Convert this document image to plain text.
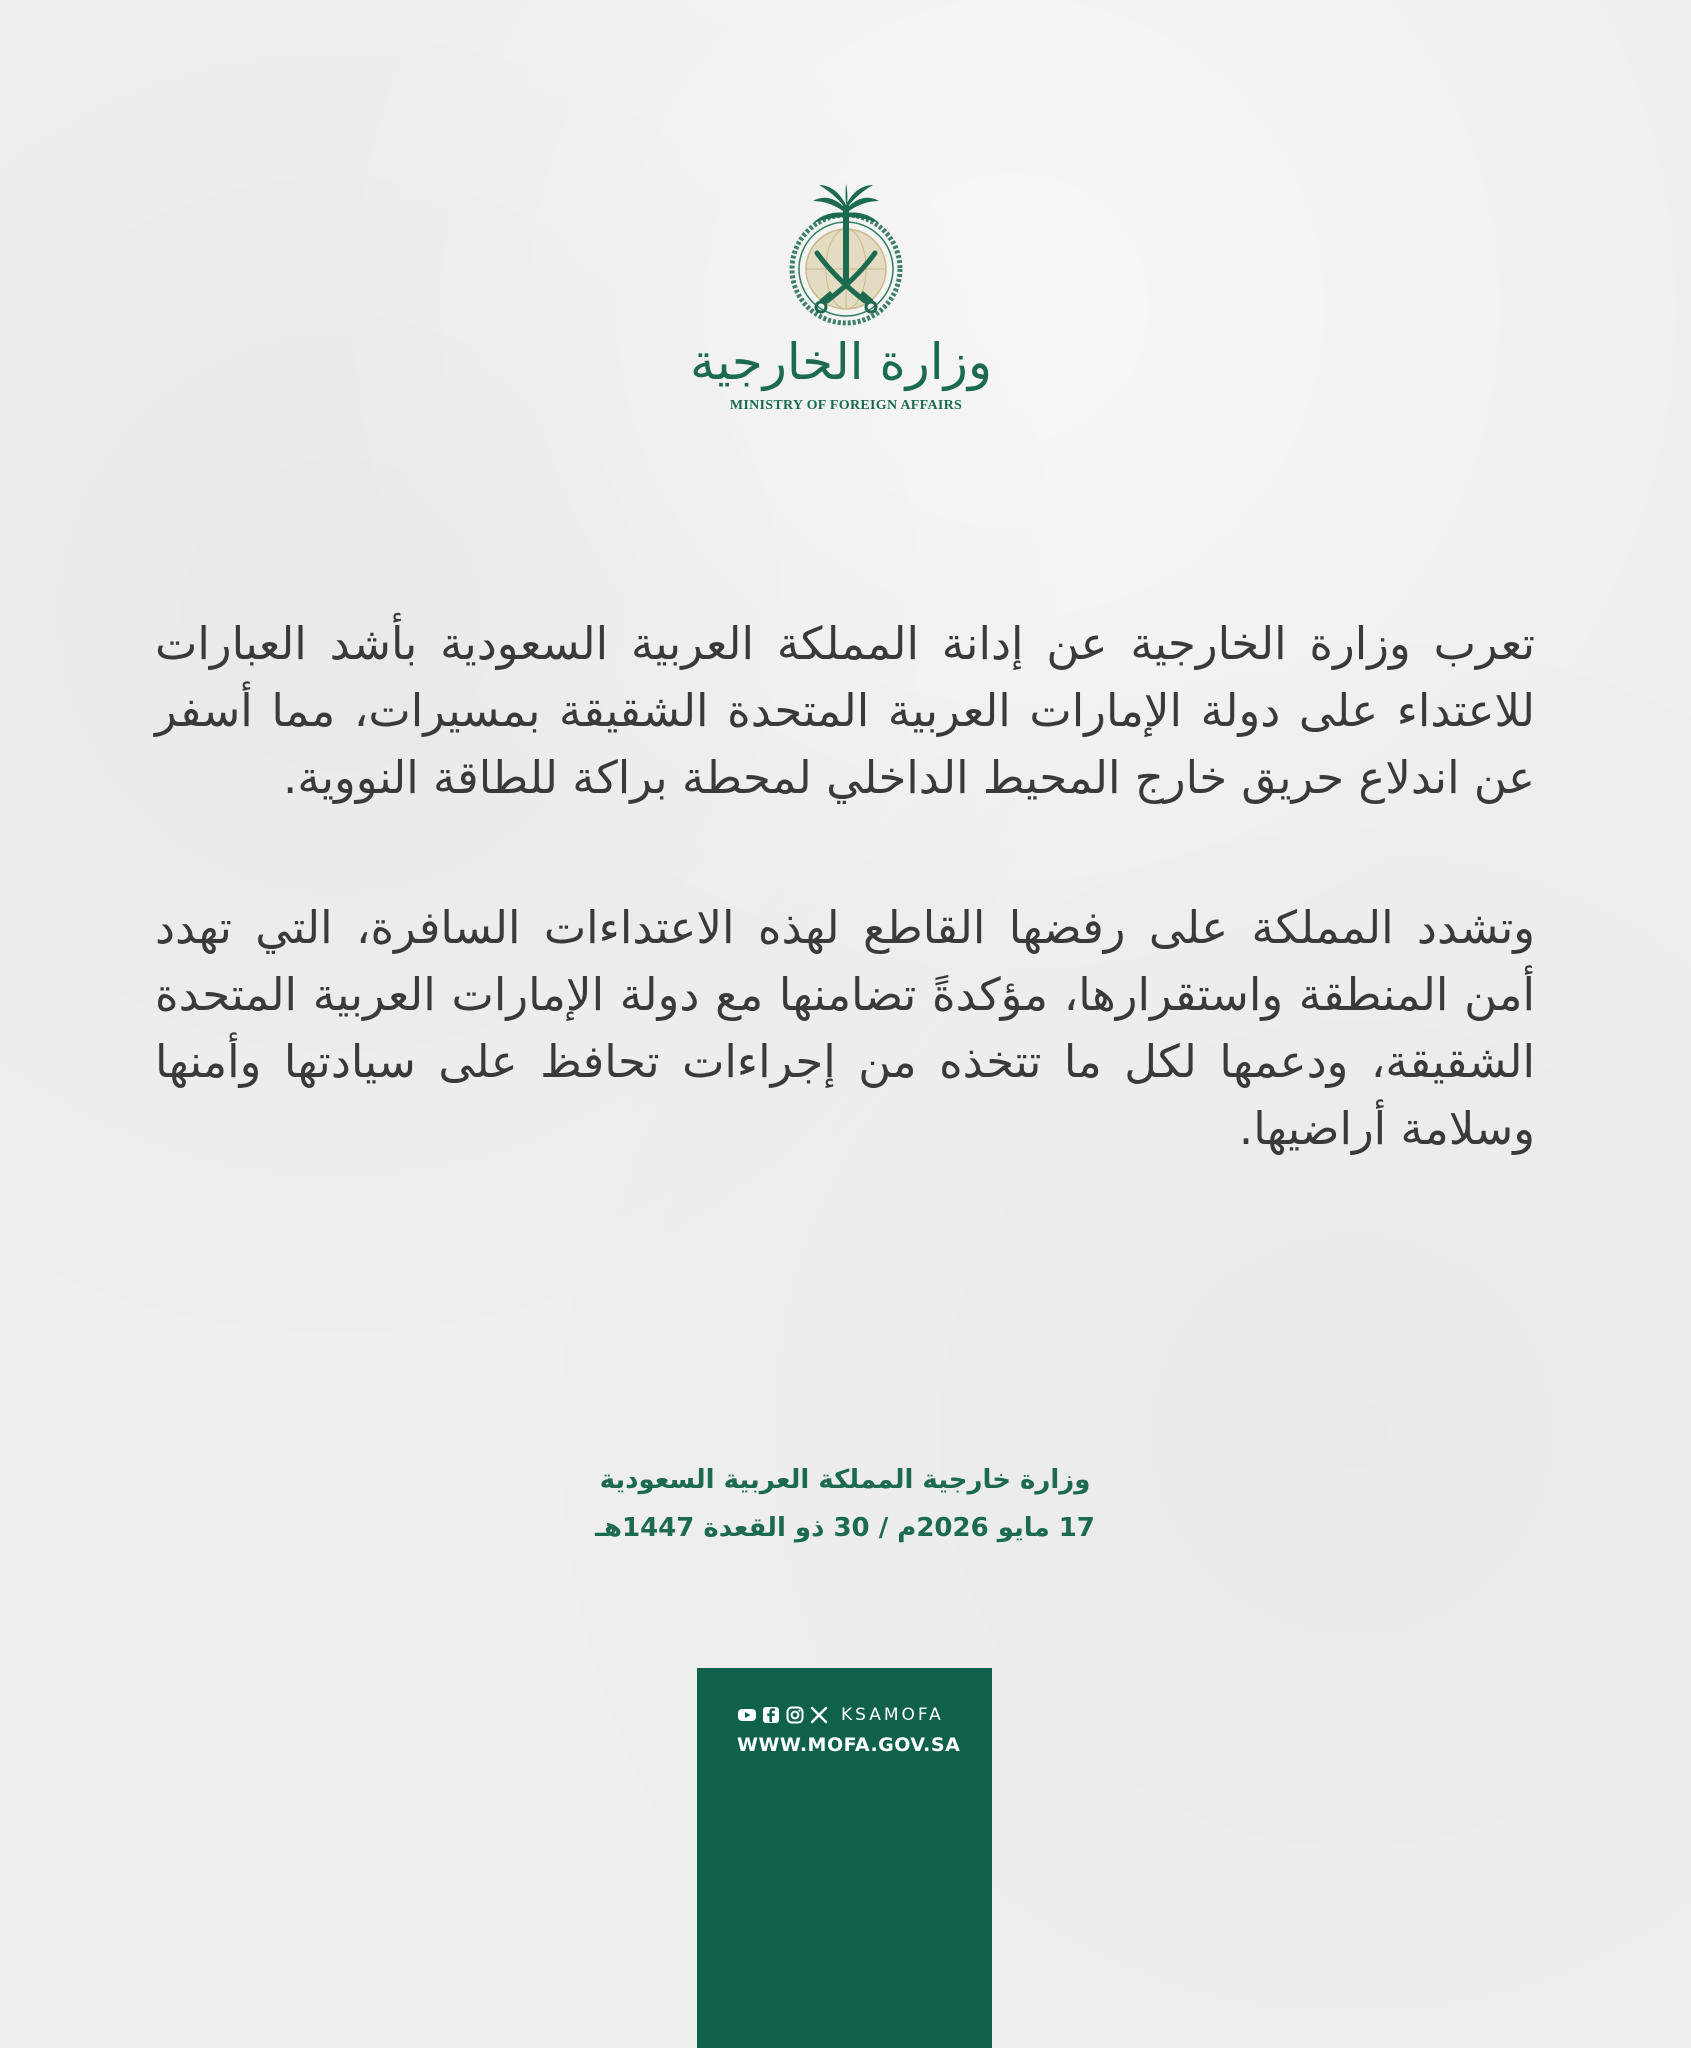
وزارة الخارجية
MINISTRY OF FOREIGN AFFAIRS

تعرب وزارة الخارجية عن إدانة المملكة العربية السعودية بأشد العبارات للاعتداء على دولة الإمارات العربية المتحدة الشقيقة بمسيرات، مما أسفر عن اندلاع حريق خارج المحيط الداخلي لمحطة براكة للطاقة النووية.

وتشدد المملكة على رفضها القاطع لهذه الاعتداءات السافرة، التي تهدد أمن المنطقة واستقرارها، مؤكدةً تضامنها مع دولة الإمارات العربية المتحدة الشقيقة، ودعمها لكل ما تتخذه من إجراءات تحافظ على سيادتها وأمنها وسلامة أراضيها.

وزارة خارجية المملكة العربية السعودية
17 مايو 2026م / 30 ذو القعدة 1447هـ
KSAMOFA
WWW.MOFA.GOV.SA
